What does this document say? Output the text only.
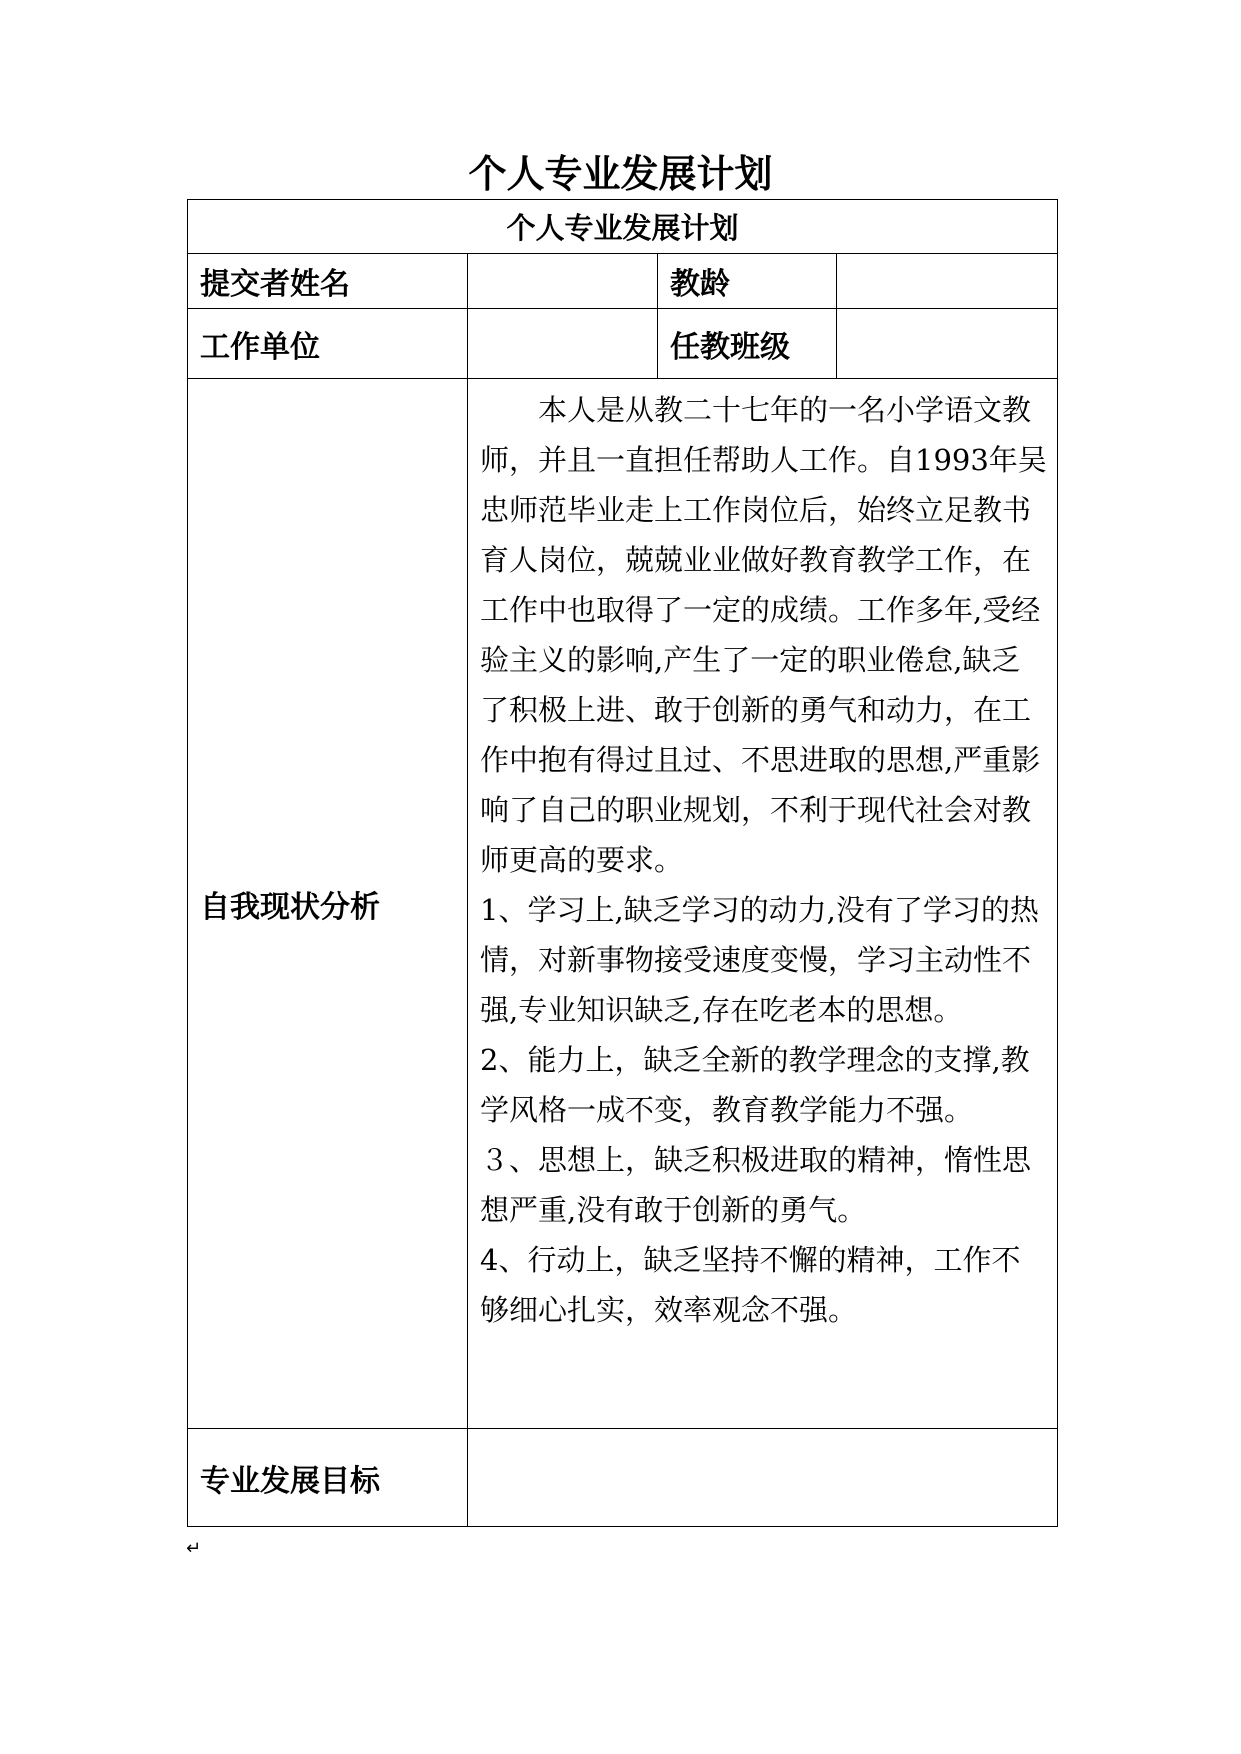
个人专业发展计划
个人专业发展计划			
提交者姓名		教龄	
工作单位		任教班级	
自我现状分析	本人是从教二十七年的一名小学语文教师，并且一直担任帮助人工作。自1993年吴忠师范毕业走上工作岗位后，始终立足教书育人岗位，兢兢业业做好教育教学工作，在工作中也取得了一定的成绩。工作多年,受经验主义的影响,产生了一定的职业倦怠,缺乏了积极上进、敢于创新的勇气和动力，在工作中抱有得过且过、不思进取的思想,严重影响了自己的职业规划，不利于现代社会对教师更高的要求。

1、学习上,缺乏学习的动力,没有了学习的热情，对新事物接受速度变慢，学习主动性不强,专业知识缺乏,存在吃老本的思想。

2、能力上，缺乏全新的教学理念的支撑,教学风格一成不变，教育教学能力不强。

３、思想上，缺乏积极进取的精神，惰性思想严重,没有敢于创新的勇气。

4、行动上，缺乏坚持不懈的精神，工作不够细心扎实，效率观念不强。		

专业发展目标			
↵
